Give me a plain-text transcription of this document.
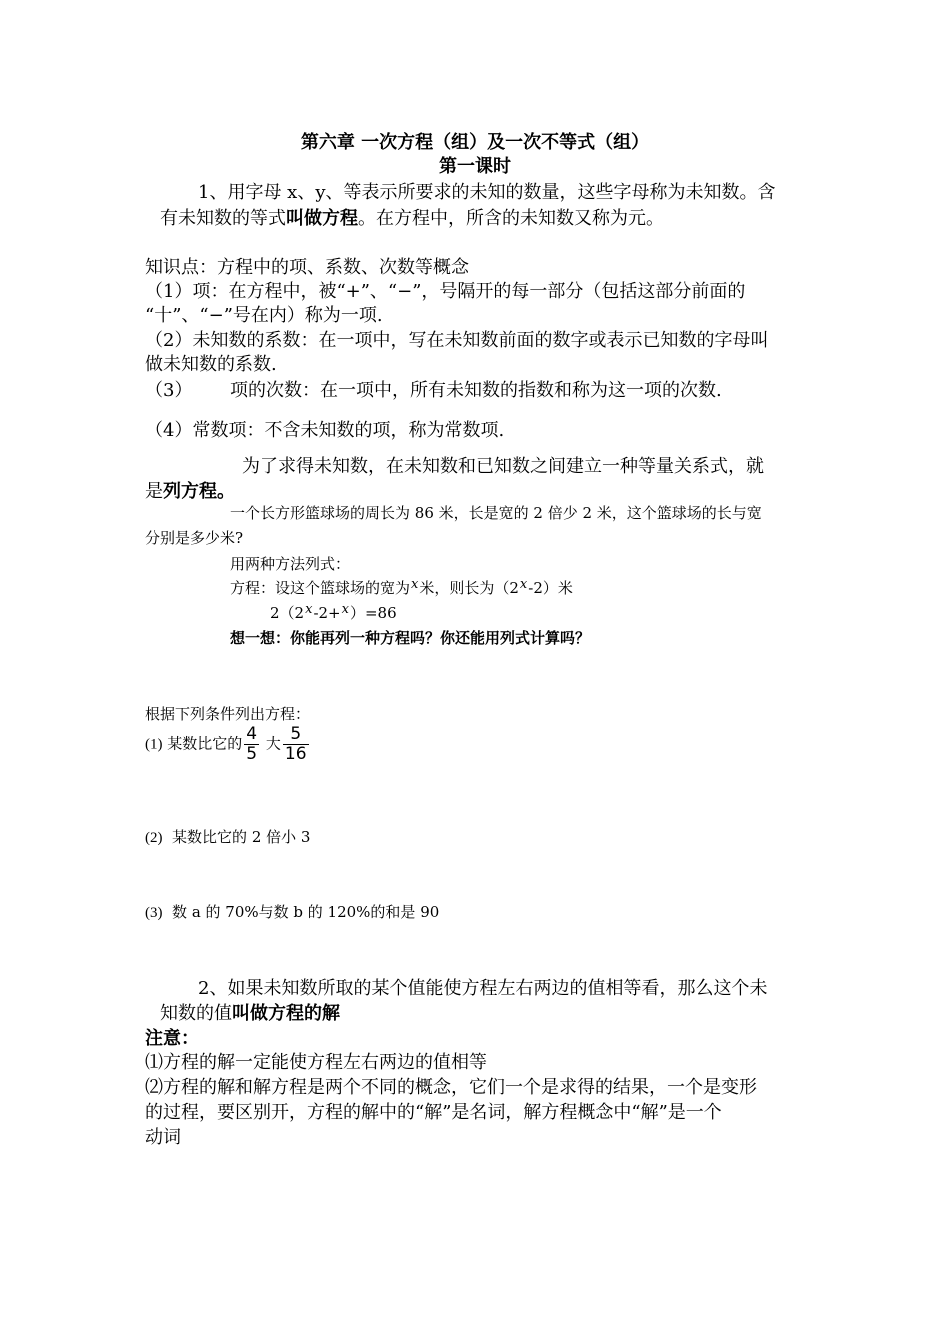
第六章 一次方程（组）及一次不等式（组）
第一课时
1、用字母 x、y、等表示所要求的未知的数量，这些字母称为未知数。含
有未知数的等式叫做方程。在方程中，所含的未知数又称为元。
知识点：方程中的项、系数、次数等概念
（1）项：在方程中，被“+”、“−”，号隔开的每一部分（包括这部分前面的
“十”、“−”号在内）称为一项.
（2）未知数的系数：在一项中，写在未知数前面的数字或表示已知数的字母叫
做未知数的系数.
（3） 项的次数：在一项中，所有未知数的指数和称为这一项的次数.
（4）常数项：不含未知数的项，称为常数项.
为了求得未知数，在未知数和已知数之间建立一种等量关系式，就
是列方程。
一个长方形篮球场的周长为 86 米，长是宽的 2 倍少 2 米，这个篮球场的长与宽
分别是多少米?
用两种方法列式：
方程：设这个篮球场的宽为x米，则长为（2x-2）米
2（2x-2+x）=86
想一想：你能再列一种方程吗？你还能用列式计算吗？
根据下列条件列出方程：
(1) 某数比它的 $\frac{4}{5}$ 大 $\frac{5}{16}$
(2) 某数比它的 2 倍小 3
(3) 数 a 的 70%与数 b 的 120%的和是 90
2、如果未知数所取的某个值能使方程左右两边的值相等看，那么这个未
知数的值叫做方程的解
注意：
⑴方程的解一定能使方程左右两边的值相等
⑵方程的解和解方程是两个不同的概念，它们一个是求得的结果，一个是变形
的过程，要区别开，方程的解中的“解”是名词，解方程概念中“解”是一个
动词
